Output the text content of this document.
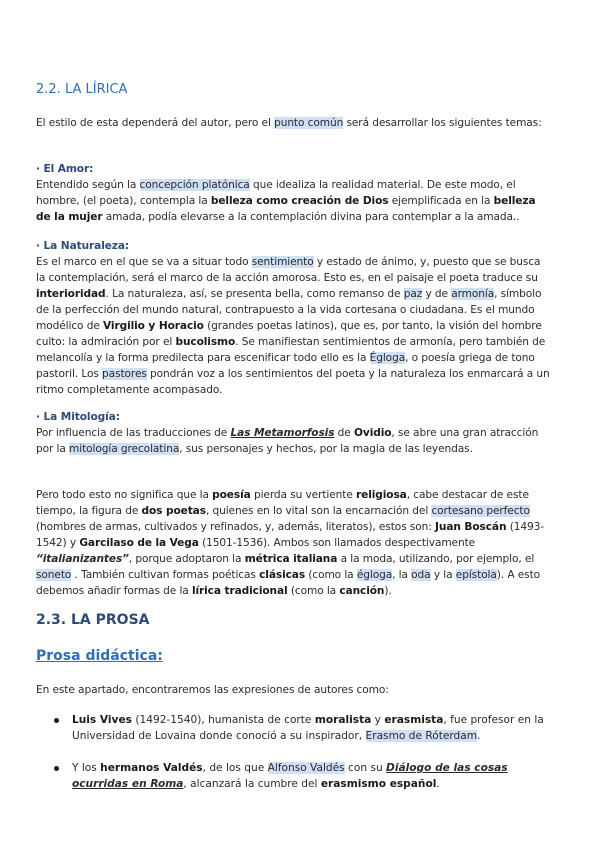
2.2. LA LÍRICA
El estilo de esta dependerá del autor, pero el punto común será desarrollar los siguientes temas:
· El Amor:
Entendido según la concepción platónica que idealiza la realidad material. De este modo, el hombre, (el poeta), contempla la belleza como creación de Dios ejemplificada en la belleza de la mujer amada, podía elevarse a la contemplación divina para contemplar a la amada..
· La Naturaleza:
Es el marco en el que se va a situar todo sentimiento y estado de ánimo, y, puesto que se busca la contemplación, será el marco de la acción amorosa. Esto es, en el paisaje el poeta traduce su interioridad. La naturaleza, así, se presenta bella, como remanso de paz y de armonía, símbolo de la perfección del mundo natural, contrapuesto a la vida cortesana o ciudadana. Es el mundo modélico de Virgilio y Horacio (grandes poetas latinos), que es, por tanto, la visión del hombre culto: la admiración por el bucolismo. Se manifiestan sentimientos de armonía, pero también de melancolía y la forma predilecta para escenificar todo ello es la Égloga, o poesía griega de tono pastoril. Los pastores pondrán voz a los sentimientos del poeta y la naturaleza los enmarcará a un ritmo completamente acompasado.
· La Mitología:
Por influencia de las traducciones de Las Metamorfosis de Ovidio, se abre una gran atracción por la mitología grecolatina, sus personajes y hechos, por la magia de las leyendas.
Pero todo esto no significa que la poesía pierda su vertiente religiosa, cabe destacar de este tiempo, la figura de dos poetas, quienes en lo vital son la encarnación del cortesano perfecto (hombres de armas, cultivados y refinados, y, además, literatos), estos son: Juan Boscán (1493-1542) y Garcilaso de la Vega (1501-1536). Ambos son llamados despectivamente “italianizantes”, porque adoptaron la métrica italiana a la moda, utilizando, por ejemplo, el soneto . También cultivan formas poéticas clásicas (como la égloga, la oda y la epístola). A esto debemos añadir formas de la lírica tradicional (como la canción).
2.3. LA PROSA
Prosa didáctica:
En este apartado, encontraremos las expresiones de autores como:
Luis Vives (1492-1540), humanista de corte moralista y erasmista, fue profesor en la Universidad de Lovaina donde conoció a su inspirador, Erasmo de Róterdam.
Y los hermanos Valdés, de los que Alfonso Valdés con su Diálogo de las cosas ocurridas en Roma, alcanzará la cumbre del erasmismo español.
